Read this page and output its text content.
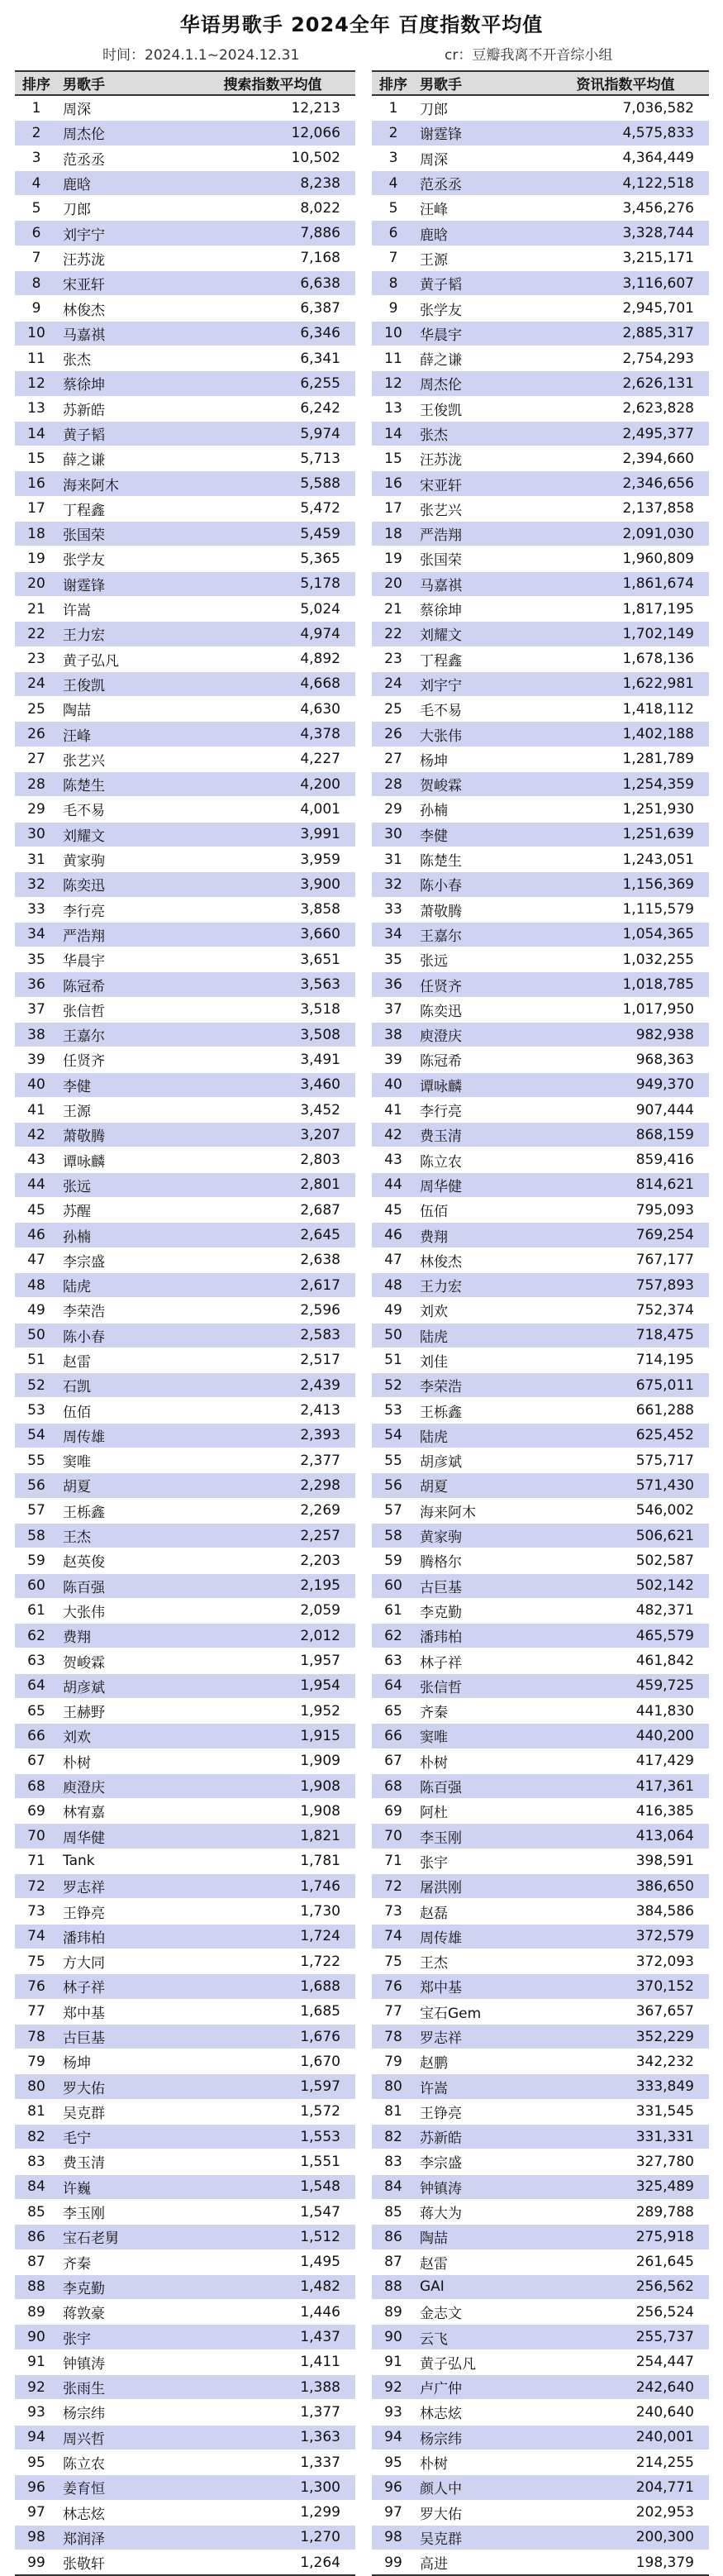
华语男歌手 2024全年 百度指数平均值
时间：2024.1.1~2024.12.31	cr：豆瓣我离不开音综小组
排序	男歌手	搜索指数平均值
1	周深	12,213
2	周杰伦	12,066
3	范丞丞	10,502
4	鹿晗	8,238
5	刀郎	8,022
6	刘宇宁	7,886
7	汪苏泷	7,168
8	宋亚轩	6,638
9	林俊杰	6,387
10	马嘉祺	6,346
11	张杰	6,341
12	蔡徐坤	6,255
13	苏新皓	6,242
14	黄子韬	5,974
15	薛之谦	5,713
16	海来阿木	5,588
17	丁程鑫	5,472
18	张国荣	5,459
19	张学友	5,365
20	谢霆锋	5,178
21	许嵩	5,024
22	王力宏	4,974
23	黄子弘凡	4,892
24	王俊凯	4,668
25	陶喆	4,630
26	汪峰	4,378
27	张艺兴	4,227
28	陈楚生	4,200
29	毛不易	4,001
30	刘耀文	3,991
31	黄家驹	3,959
32	陈奕迅	3,900
33	李行亮	3,858
34	严浩翔	3,660
35	华晨宇	3,651
36	陈冠希	3,563
37	张信哲	3,518
38	王嘉尔	3,508
39	任贤齐	3,491
40	李健	3,460
41	王源	3,452
42	萧敬腾	3,207
43	谭咏麟	2,803
44	张远	2,801
45	苏醒	2,687
46	孙楠	2,645
47	李宗盛	2,638
48	陆虎	2,617
49	李荣浩	2,596
50	陈小春	2,583
51	赵雷	2,517
52	石凯	2,439
53	伍佰	2,413
54	周传雄	2,393
55	窦唯	2,377
56	胡夏	2,298
57	王栎鑫	2,269
58	王杰	2,257
59	赵英俊	2,203
60	陈百强	2,195
61	大张伟	2,059
62	费翔	2,012
63	贺峻霖	1,957
64	胡彦斌	1,954
65	王赫野	1,952
66	刘欢	1,915
67	朴树	1,909
68	庾澄庆	1,908
69	林宥嘉	1,908
70	周华健	1,821
71	Tank	1,781
72	罗志祥	1,746
73	王铮亮	1,730
74	潘玮柏	1,724
75	方大同	1,722
76	林子祥	1,688
77	郑中基	1,685
78	古巨基	1,676
79	杨坤	1,670
80	罗大佑	1,597
81	吴克群	1,572
82	毛宁	1,553
83	费玉清	1,551
84	许巍	1,548
85	李玉刚	1,547
86	宝石老舅	1,512
87	齐秦	1,495
88	李克勤	1,482
89	蒋敦豪	1,446
90	张宇	1,437
91	钟镇涛	1,411
92	张雨生	1,388
93	杨宗纬	1,377
94	周兴哲	1,363
95	陈立农	1,337
96	姜育恒	1,300
97	林志炫	1,299
98	郑润泽	1,270
99	张敬轩	1,264
排序	男歌手	资讯指数平均值
1	刀郎	7,036,582
2	谢霆锋	4,575,833
3	周深	4,364,449
4	范丞丞	4,122,518
5	汪峰	3,456,276
6	鹿晗	3,328,744
7	王源	3,215,171
8	黄子韬	3,116,607
9	张学友	2,945,701
10	华晨宇	2,885,317
11	薛之谦	2,754,293
12	周杰伦	2,626,131
13	王俊凯	2,623,828
14	张杰	2,495,377
15	汪苏泷	2,394,660
16	宋亚轩	2,346,656
17	张艺兴	2,137,858
18	严浩翔	2,091,030
19	张国荣	1,960,809
20	马嘉祺	1,861,674
21	蔡徐坤	1,817,195
22	刘耀文	1,702,149
23	丁程鑫	1,678,136
24	刘宇宁	1,622,981
25	毛不易	1,418,112
26	大张伟	1,402,188
27	杨坤	1,281,789
28	贺峻霖	1,254,359
29	孙楠	1,251,930
30	李健	1,251,639
31	陈楚生	1,243,051
32	陈小春	1,156,369
33	萧敬腾	1,115,579
34	王嘉尔	1,054,365
35	张远	1,032,255
36	任贤齐	1,018,785
37	陈奕迅	1,017,950
38	庾澄庆	982,938
39	陈冠希	968,363
40	谭咏麟	949,370
41	李行亮	907,444
42	费玉清	868,159
43	陈立农	859,416
44	周华健	814,621
45	伍佰	795,093
46	费翔	769,254
47	林俊杰	767,177
48	王力宏	757,893
49	刘欢	752,374
50	陆虎	718,475
51	刘佳	714,195
52	李荣浩	675,011
53	王栎鑫	661,288
54	陆虎	625,452
55	胡彦斌	575,717
56	胡夏	571,430
57	海来阿木	546,002
58	黄家驹	506,621
59	腾格尔	502,587
60	古巨基	502,142
61	李克勤	482,371
62	潘玮柏	465,579
63	林子祥	461,842
64	张信哲	459,725
65	齐秦	441,830
66	窦唯	440,200
67	朴树	417,429
68	陈百强	417,361
69	阿杜	416,385
70	李玉刚	413,064
71	张宇	398,591
72	屠洪刚	386,650
73	赵磊	384,586
74	周传雄	372,579
75	王杰	372,093
76	郑中基	370,152
77	宝石Gem	367,657
78	罗志祥	352,229
79	赵鹏	342,232
80	许嵩	333,849
81	王铮亮	331,545
82	苏新皓	331,331
83	李宗盛	327,780
84	钟镇涛	325,489
85	蒋大为	289,788
86	陶喆	275,918
87	赵雷	261,645
88	GAI	256,562
89	金志文	256,524
90	云飞	255,737
91	黄子弘凡	254,447
92	卢广仲	242,640
93	林志炫	240,640
94	杨宗纬	240,001
95	朴树	214,255
96	颜人中	204,771
97	罗大佑	202,953
98	吴克群	200,300
99	高进	198,379
